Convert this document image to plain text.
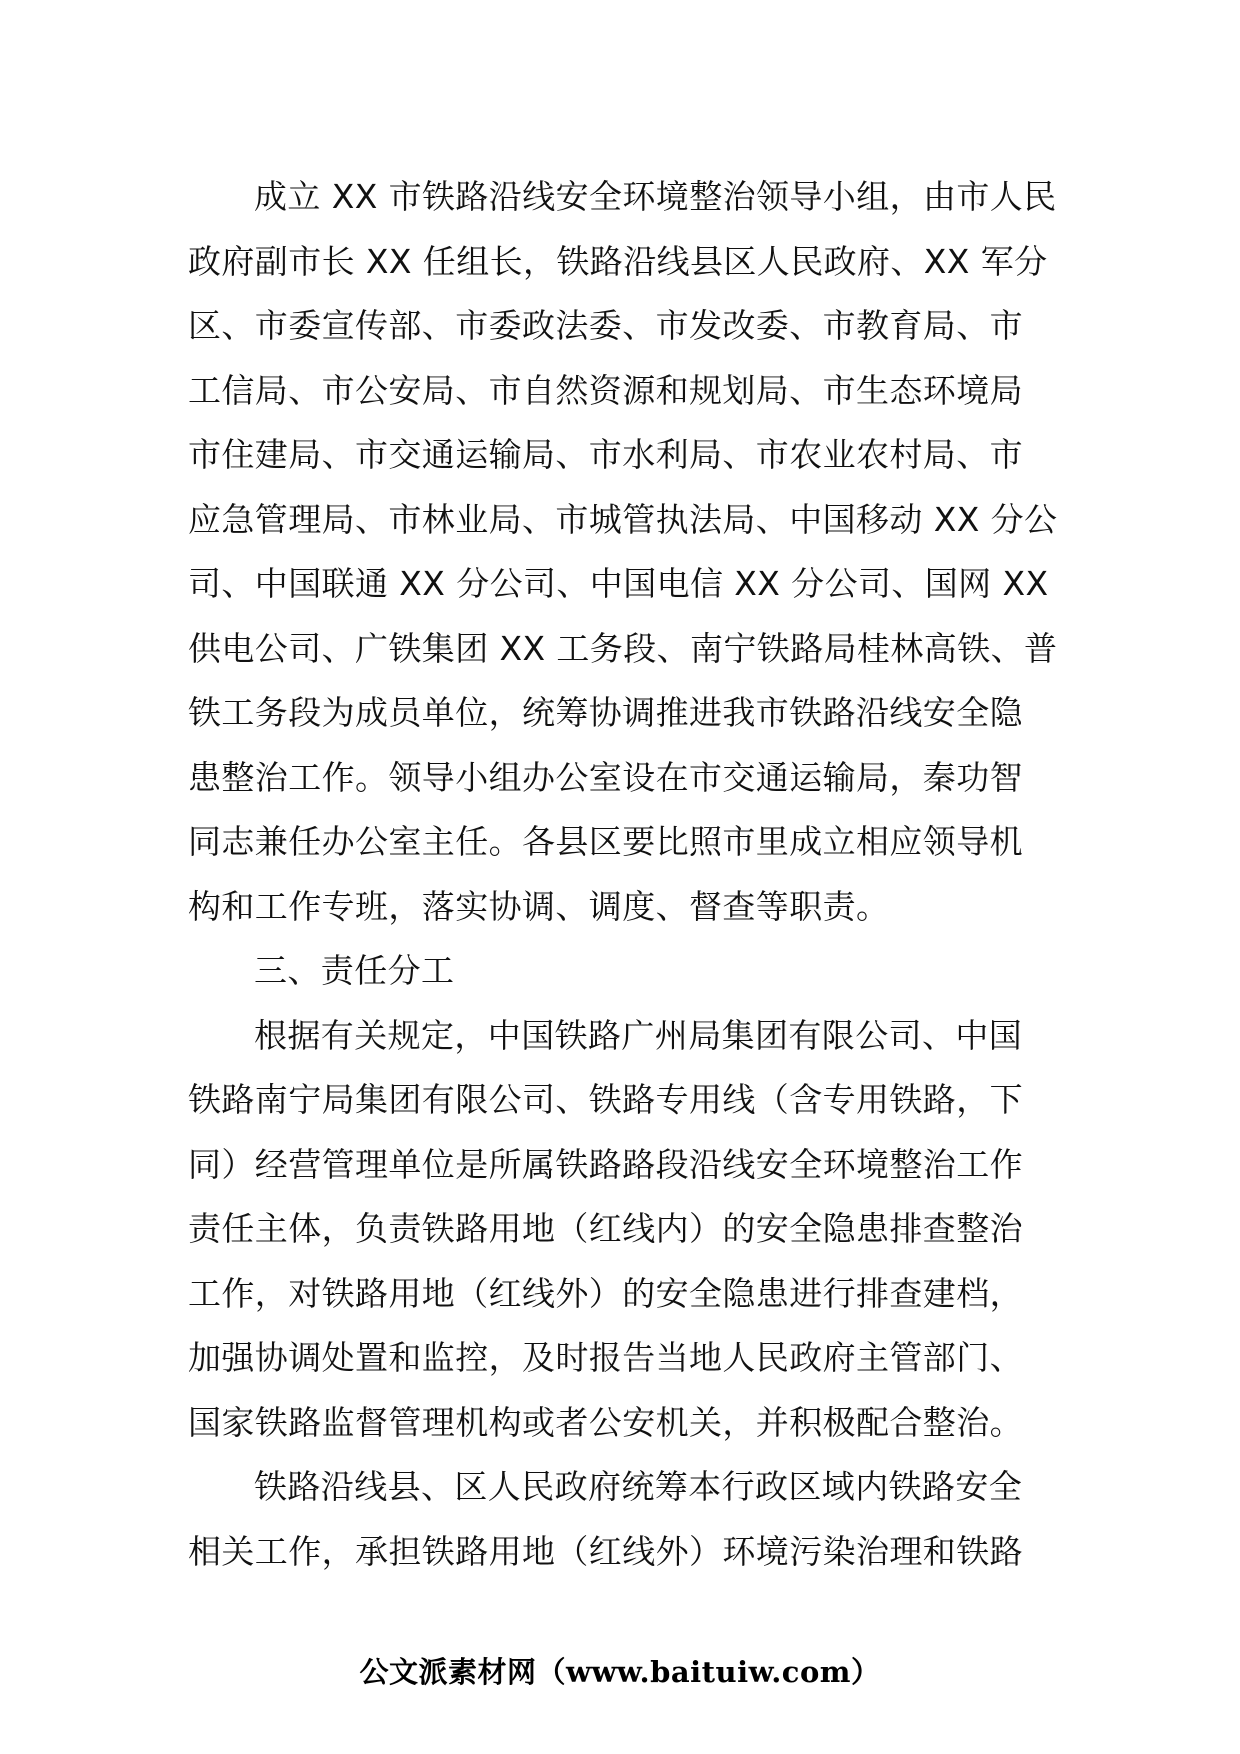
成立 XX 市铁路沿线安全环境整治领导小组，由市人民
政府副市长 XX 任组长，铁路沿线县区人民政府、XX 军分
区、市委宣传部、市委政法委、市发改委、市教育局、市
工信局、市公安局、市自然资源和规划局、市生态环境局
市住建局、市交通运输局、市水利局、市农业农村局、市
应急管理局、市林业局、市城管执法局、中国移动 XX 分公
司、中国联通 XX 分公司、中国电信 XX 分公司、国网 XX
供电公司、广铁集团 XX 工务段、南宁铁路局桂林高铁、普
铁工务段为成员单位，统筹协调推进我市铁路沿线安全隐
患整治工作。领导小组办公室设在市交通运输局，秦功智
同志兼任办公室主任。各县区要比照市里成立相应领导机
构和工作专班，落实协调、调度、督查等职责。
三、责任分工
根据有关规定，中国铁路广州局集团有限公司、中国
铁路南宁局集团有限公司、铁路专用线（含专用铁路，下
同）经营管理单位是所属铁路路段沿线安全环境整治工作
责任主体，负责铁路用地（红线内）的安全隐患排查整治
工作，对铁路用地（红线外）的安全隐患进行排查建档，
加强协调处置和监控，及时报告当地人民政府主管部门、
国家铁路监督管理机构或者公安机关，并积极配合整治。
铁路沿线县、区人民政府统筹本行政区域内铁路安全
相关工作，承担铁路用地（红线外）环境污染治理和铁路
公文派素材网（www.baituiw.com）
